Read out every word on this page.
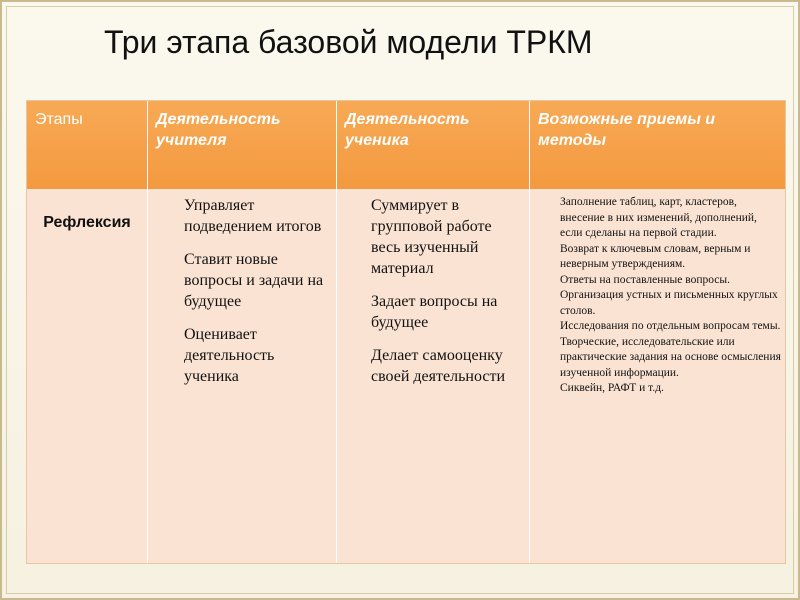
Три этапа базовой модели ТРКМ
Этапы	Деятельность учителя
Деятельность ученика
Возможные приемы и методы
Рефлексия

Управляет подведением итогов

Ставит новые вопросы и задачи на будущее

Оценивает деятельность ученика

Суммирует в групповой работе весь изученный материал

Задает вопросы на будущее

Делает самооценку своей деятельности

Заполнение таблиц, карт, кластеров, внесение в них изменений, дополнений, если сделаны на первой стадии.

Возврат к ключевым словам, верным и неверным утверждениям.

Ответы на поставленные вопросы.

Организация устных и письменных круглых столов.

Исследования по отдельным вопросам темы.

Творческие, исследовательские или практические задания на основе осмысления изученной информации.

Сиквейн, РАФТ и т.д.
